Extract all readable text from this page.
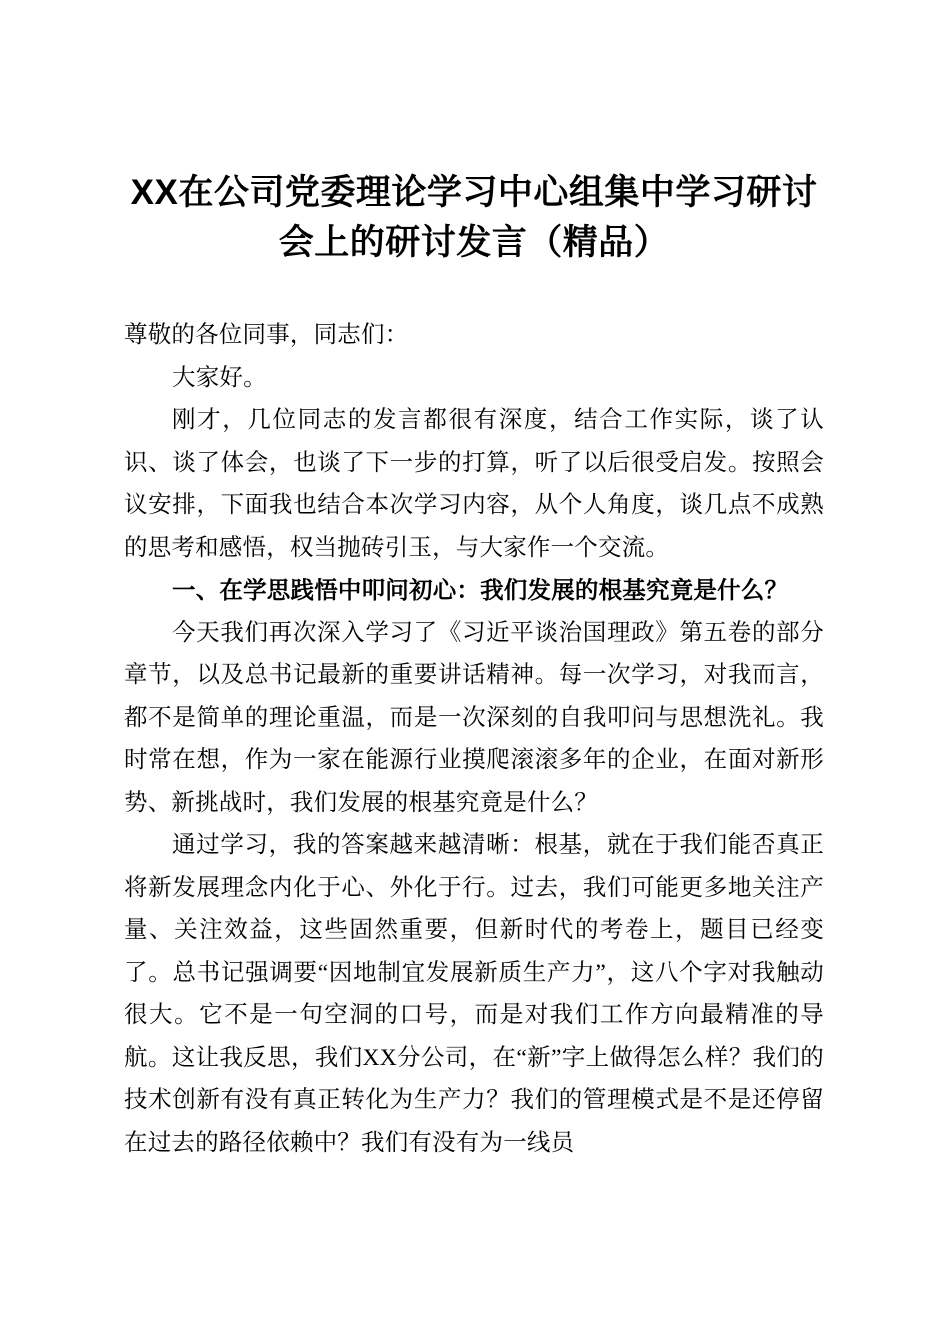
XX在公司党委理论学习中心组集中学习研讨会上的研讨发言（精品）

尊敬的各位同事，同志们：

大家好。

刚才，几位同志的发言都很有深度，结合工作实际，谈了认识、谈了体会，也谈了下一步的打算，听了以后很受启发。按照会议安排，下面我也结合本次学习内容，从个人角度，谈几点不成熟的思考和感悟，权当抛砖引玉，与大家作一个交流。

一、在学思践悟中叩问初心：我们发展的根基究竟是什么？

今天我们再次深入学习了《习近平谈治国理政》第五卷的部分章节，以及总书记最新的重要讲话精神。每一次学习，对我而言，都不是简单的理论重温，而是一次深刻的自我叩问与思想洗礼。我时常在想，作为一家在能源行业摸爬滚滚多年的企业，在面对新形势、新挑战时，我们发展的根基究竟是什么？

通过学习，我的答案越来越清晰：根基，就在于我们能否真正将新发展理念内化于心、外化于行。过去，我们可能更多地关注产量、关注效益，这些固然重要，但新时代的考卷上，题目已经变了。总书记强调要“因地制宜发展新质生产力”，这八个字对我触动很大。它不是一句空洞的口号，而是对我们工作方向最精准的导航。这让我反思，我们XX分公司，在“新”字上做得怎么样？我们的技术创新有没有真正转化为生产力？我们的管理模式是不是还停留在过去的路径依赖中？我们有没有为一线员
